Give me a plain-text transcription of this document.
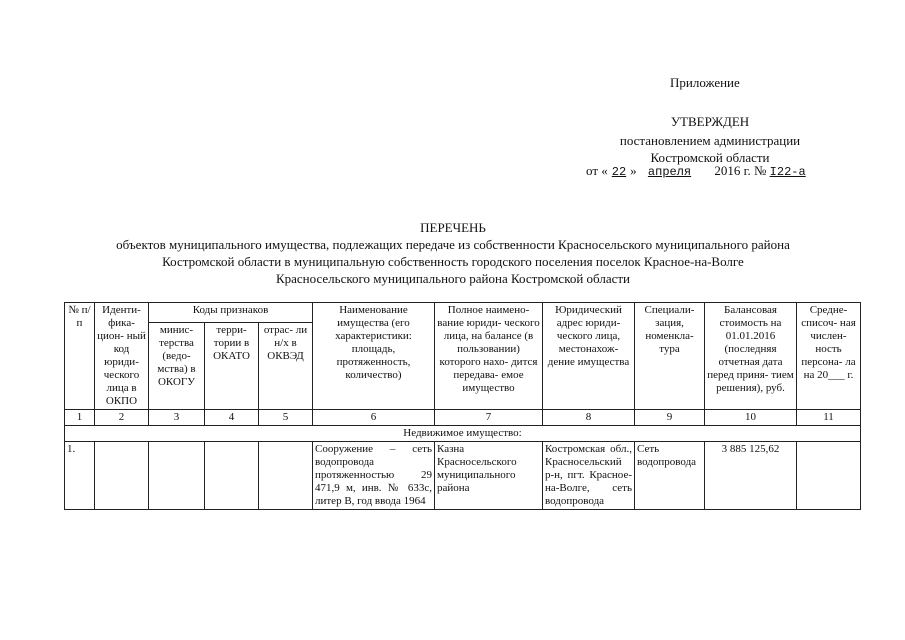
Приложение
УТВЕРЖДЕН
постановлением администрации
Костромской области
от « 22 » апреля 2016 г. № I22-а
ПЕРЕЧЕНЬ
объектов муниципального имущества, подлежащих передаче из собственности Красносельского муниципального района
Костромской области в муниципальную собственность городского поселения поселок Красное-на-Волге
Красносельского муниципального района Костромской области
№ п/п	Иденти- фика- цион- ный код юриди- ческого лица в ОКПО	Коды признаков			Наименование имущества (его характеристики: площадь, протяженность, количество)	Полное наимено- вание юриди- ческого лица, на балансе (в пользовании) которого нахо- дится передава- емое имущество	Юридический адрес юриди- ческого лица, местонахож- дение имущества	Специали- зация, номенкла- тура	Балансовая стоимость на 01.01.2016 (последняя отчетная дата перед приня- тием решения), руб.	Средне- списоч- ная числен- ность персона- ла на 20___ г.
		минис- терства (ведо- мства) в ОКОГУ	терри- тории в ОКАТО	отрас- ли н/х в ОКВЭД						
1	2	3	4	5	6	7	8	9	10	11
Недвижимое имущество:										
1.					Сооружение – сеть водопровода протяженностью 29 471,9 м, инв. № 633с, литер В, год ввода 1964	Казна Красносельского муниципального района	Костромская обл., Красносельский р-н, пгт. Красное-на-Волге, сеть водопровода	Сеть водопровода	3 885 125,62	
